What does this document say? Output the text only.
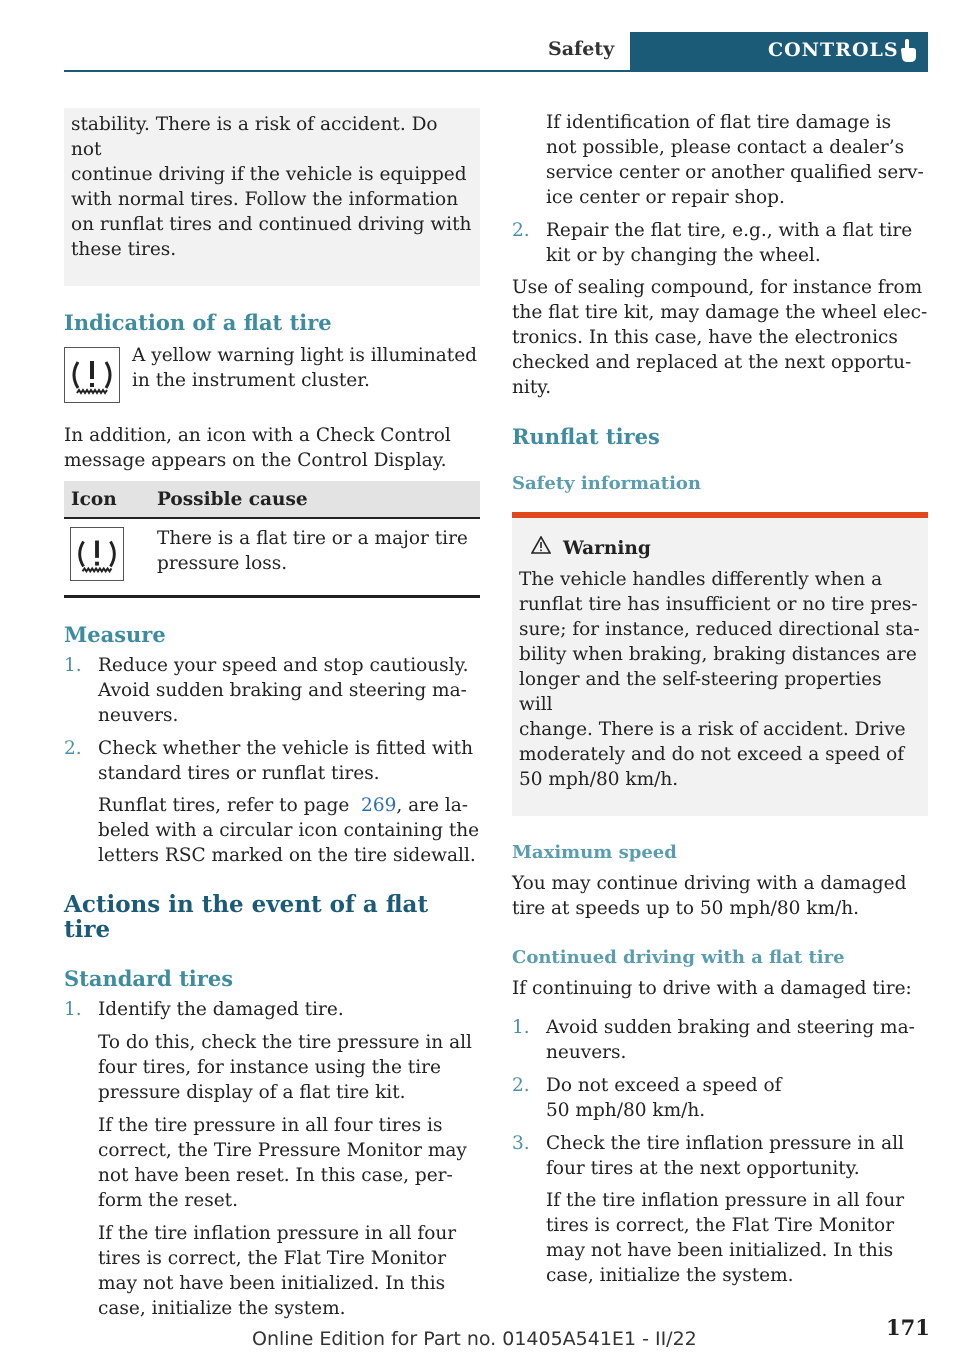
Safety	CONTROLS

stability. There is a risk of accident. Do not

continue driving if the vehicle is equipped

with normal tires. Follow the information

on runflat tires and continued driving with

these tires.

Indication of a flat tire

A yellow warning light is illuminated

in the instrument cluster.

In addition, an icon with a Check Control

message appears on the Control Display.

Icon	Possible cause

There is a flat tire or a major tire

pressure loss.

Measure
1. Reduce your speed and stop cautiously.

Avoid sudden braking and steering ma-

neuvers.

2. Check whether the vehicle is fitted with

standard tires or runflat tires.

Runflat tires, refer to page 269, are la-

beled with a circular icon containing the

letters RSC marked on the tire sidewall.

Actions in the event of a flat tire
Standard tires
1. Identify the damaged tire.

To do this, check the tire pressure in all

four tires, for instance using the tire

pressure display of a flat tire kit.

If the tire pressure in all four tires is

correct, the Tire Pressure Monitor may

not have been reset. In this case, per-

form the reset.

If the tire inflation pressure in all four

tires is correct, the Flat Tire Monitor

may not have been initialized. In this

case, initialize the system.

If identification of flat tire damage is

not possible, please contact a dealer’s

service center or another qualified serv-

ice center or repair shop.

2. Repair the flat tire, e.g., with a flat tire

kit or by changing the wheel.

Use of sealing compound, for instance from

the flat tire kit, may damage the wheel elec-

tronics. In this case, have the electronics

checked and replaced at the next opportu-

nity.

Runflat tires
Safety information
Warning

The vehicle handles differently when a

runflat tire has insufficient or no tire pres-

sure; for instance, reduced directional sta-

bility when braking, braking distances are

longer and the self-steering properties will

change. There is a risk of accident. Drive

moderately and do not exceed a speed of

50 mph/80 km/h.

Maximum speed

You may continue driving with a damaged

tire at speeds up to 50 mph/80 km/h.

Continued driving with a flat tire

If continuing to drive with a damaged tire:

1. Avoid sudden braking and steering ma-

neuvers.

2. Do not exceed a speed of

50 mph/80 km/h.

3. Check the tire inflation pressure in all

four tires at the next opportunity.

If the tire inflation pressure in all four

tires is correct, the Flat Tire Monitor

may not have been initialized. In this

case, initialize the system.

Online Edition for Part no. 01405A541E1 - II/22	171
